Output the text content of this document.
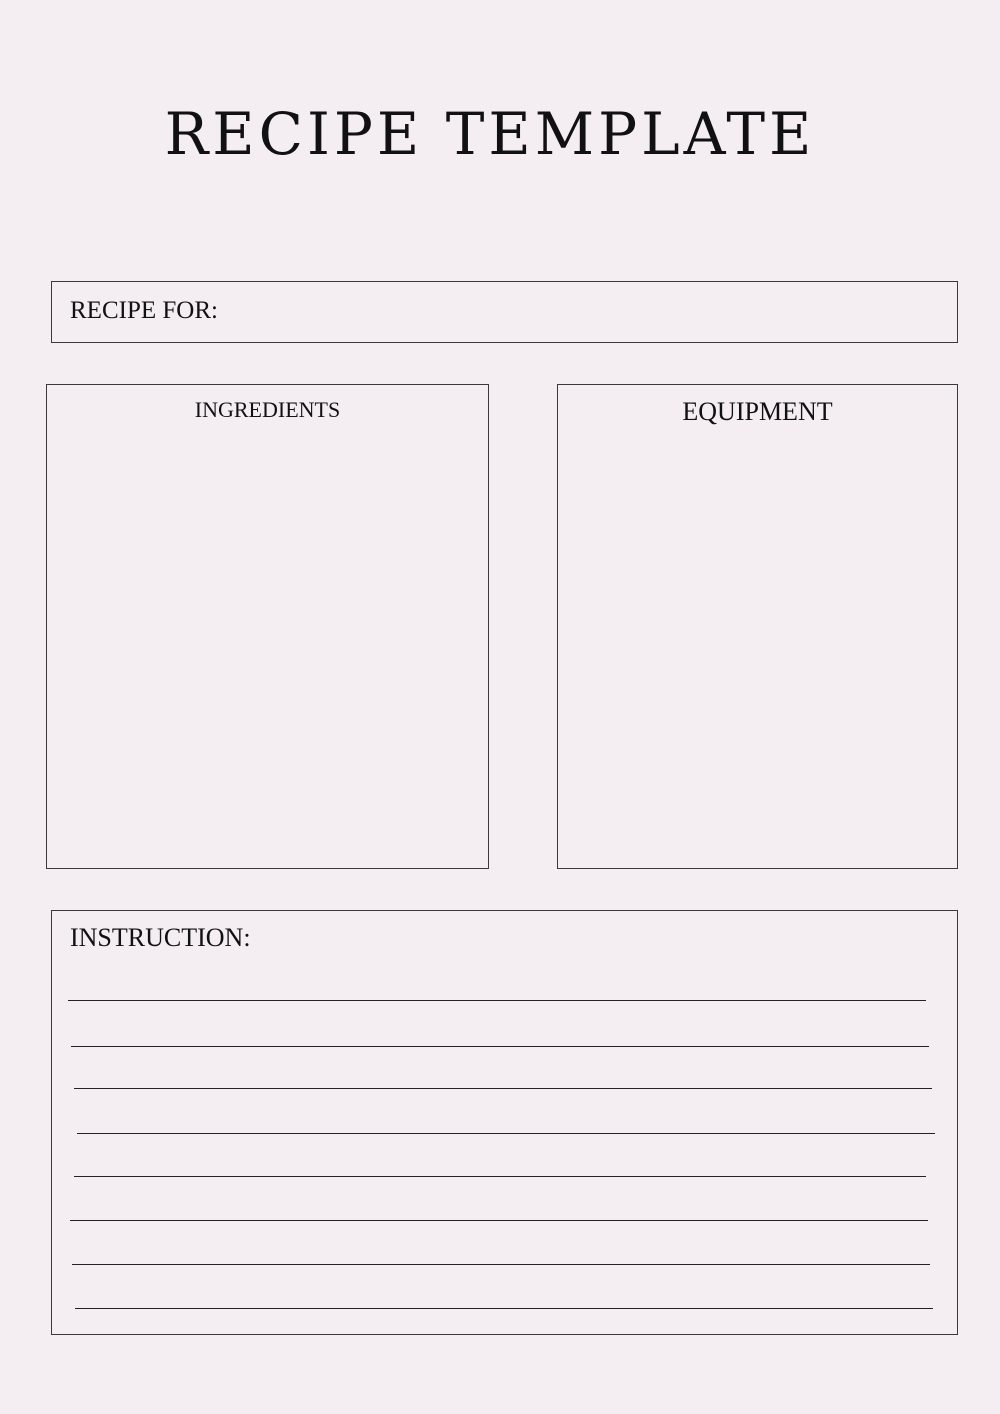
RECIPE TEMPLATE
RECIPE FOR:
INGREDIENTS	EQUIPMENT
INSTRUCTION:
